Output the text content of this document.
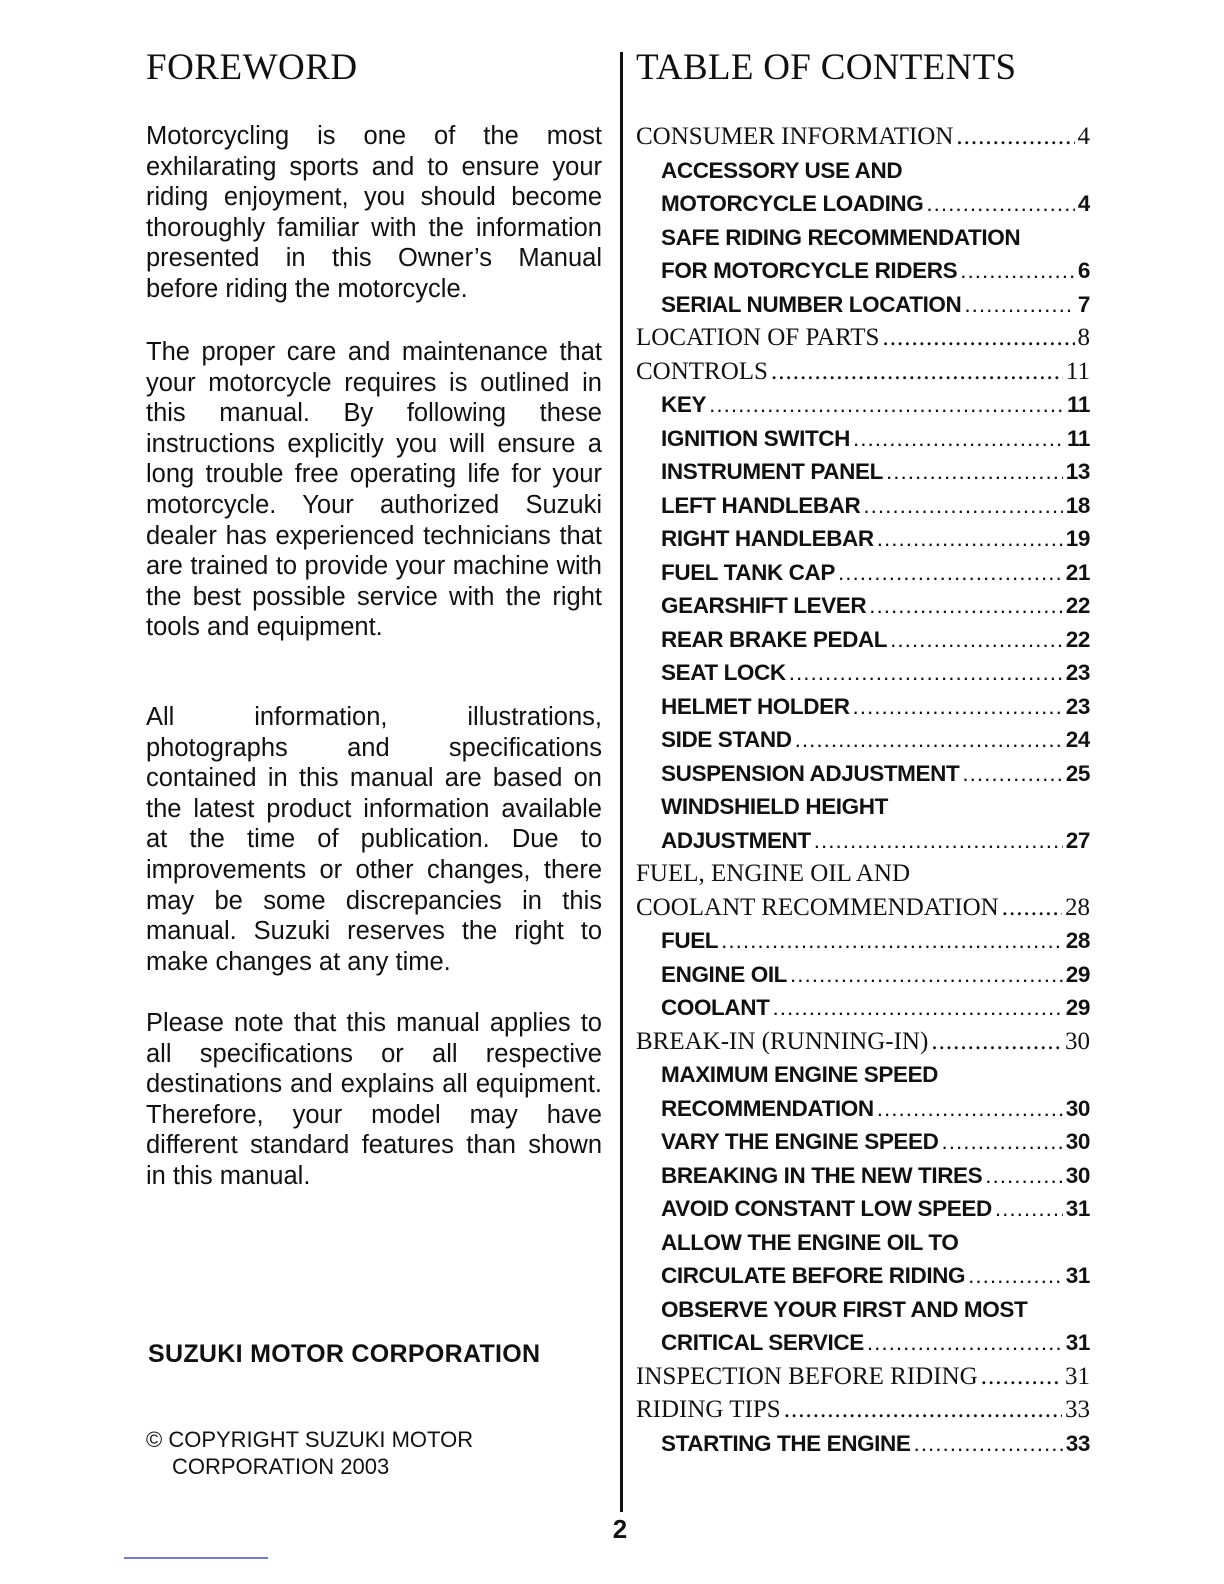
FOREWORD

Motorcycling is one of the most exhilarating sports and to ensure your riding enjoyment, you should become thoroughly familiar with the information presented in this Owner’s Manual before riding the motorcycle.

The proper care and maintenance that your motorcycle requires is outlined in this manual. By following these instructions explicitly you will ensure a long trouble free operating life for your motorcycle. Your authorized Suzuki dealer has experienced technicians that are trained to provide your machine with the best possible service with the right tools and equipment.

All information, illustrations, photographs and specifications contained in this manual are based on the latest product information available at the time of publication. Due to improvements or other changes, there may be some discrepancies in this manual. Suzuki reserves the right to make changes at any time.

Please note that this manual applies to all specifications or all respective destinations and explains all equipment. Therefore, your model may have different standard features than shown in this manual.

SUZUKI MOTOR CORPORATION

© COPYRIGHT SUZUKI MOTOR
CORPORATION 2003

TABLE OF CONTENTS
CONSUMER INFORMATION .....	4
ACCESSORY USE AND
MOTORCYCLE LOADING .....	4
SAFE RIDING RECOMMENDATION
FOR MOTORCYCLE RIDERS .....	6
SERIAL NUMBER LOCATION .....	7
LOCATION OF PARTS .....	8
CONTROLS .....	11
KEY .....	11
IGNITION SWITCH .....	11
INSTRUMENT PANEL .....	13
LEFT HANDLEBAR .....	18
RIGHT HANDLEBAR .....	19
FUEL TANK CAP .....	21
GEARSHIFT LEVER .....	22
REAR BRAKE PEDAL .....	22
SEAT LOCK .....	23
HELMET HOLDER .....	23
SIDE STAND .....	24
SUSPENSION ADJUSTMENT .....	25
WINDSHIELD HEIGHT
ADJUSTMENT .....	27
FUEL, ENGINE OIL AND
COOLANT RECOMMENDATION .....	28
FUEL .....	28
ENGINE OIL .....	29
COOLANT .....	29
BREAK-IN (RUNNING-IN) .....	30
MAXIMUM ENGINE SPEED
RECOMMENDATION .....	30
VARY THE ENGINE SPEED .....	30
BREAKING IN THE NEW TIRES .....	30
AVOID CONSTANT LOW SPEED .....	31
ALLOW THE ENGINE OIL TO
CIRCULATE BEFORE RIDING .....	31
OBSERVE YOUR FIRST AND MOST
CRITICAL SERVICE .....	31
INSPECTION BEFORE RIDING .....	31
RIDING TIPS .....	33
STARTING THE ENGINE .....	33
2
